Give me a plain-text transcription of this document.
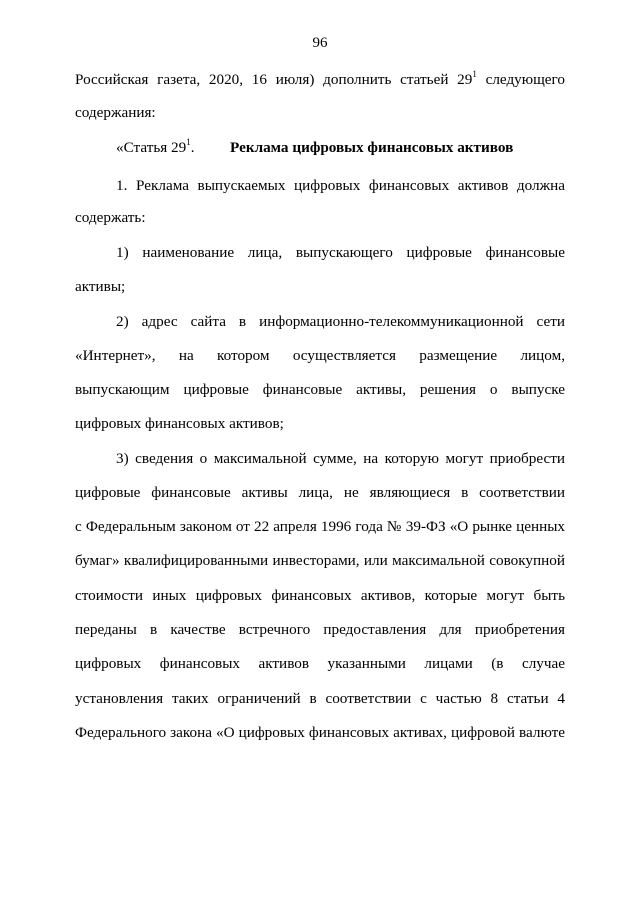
96
Российская газета, 2020, 16 июля) дополнить статьей $29^1$ следующего
содержания:
«Статья $29^1$. Реклама цифровых финансовых активов
1. Реклама выпускаемых цифровых финансовых активов должна
содержать:
1) наименование лица, выпускающего цифровые финансовые
активы;
2) адрес сайта в информационно-телекоммуникационной сети
«Интернет», на котором осуществляется размещение лицом,
выпускающим цифровые финансовые активы, решения о выпуске
цифровых финансовых активов;
3) сведения о максимальной сумме, на которую могут приобрести
цифровые финансовые активы лица, не являющиеся в соответствии
с Федеральным законом от 22 апреля 1996 года № 39-ФЗ «О рынке ценных
бумаг» квалифицированными инвесторами, или максимальной совокупной
стоимости иных цифровых финансовых активов, которые могут быть
переданы в качестве встречного предоставления для приобретения
цифровых финансовых активов указанными лицами (в случае
установления таких ограничений в соответствии с частью 8 статьи 4
Федерального закона «О цифровых финансовых активах, цифровой валюте
